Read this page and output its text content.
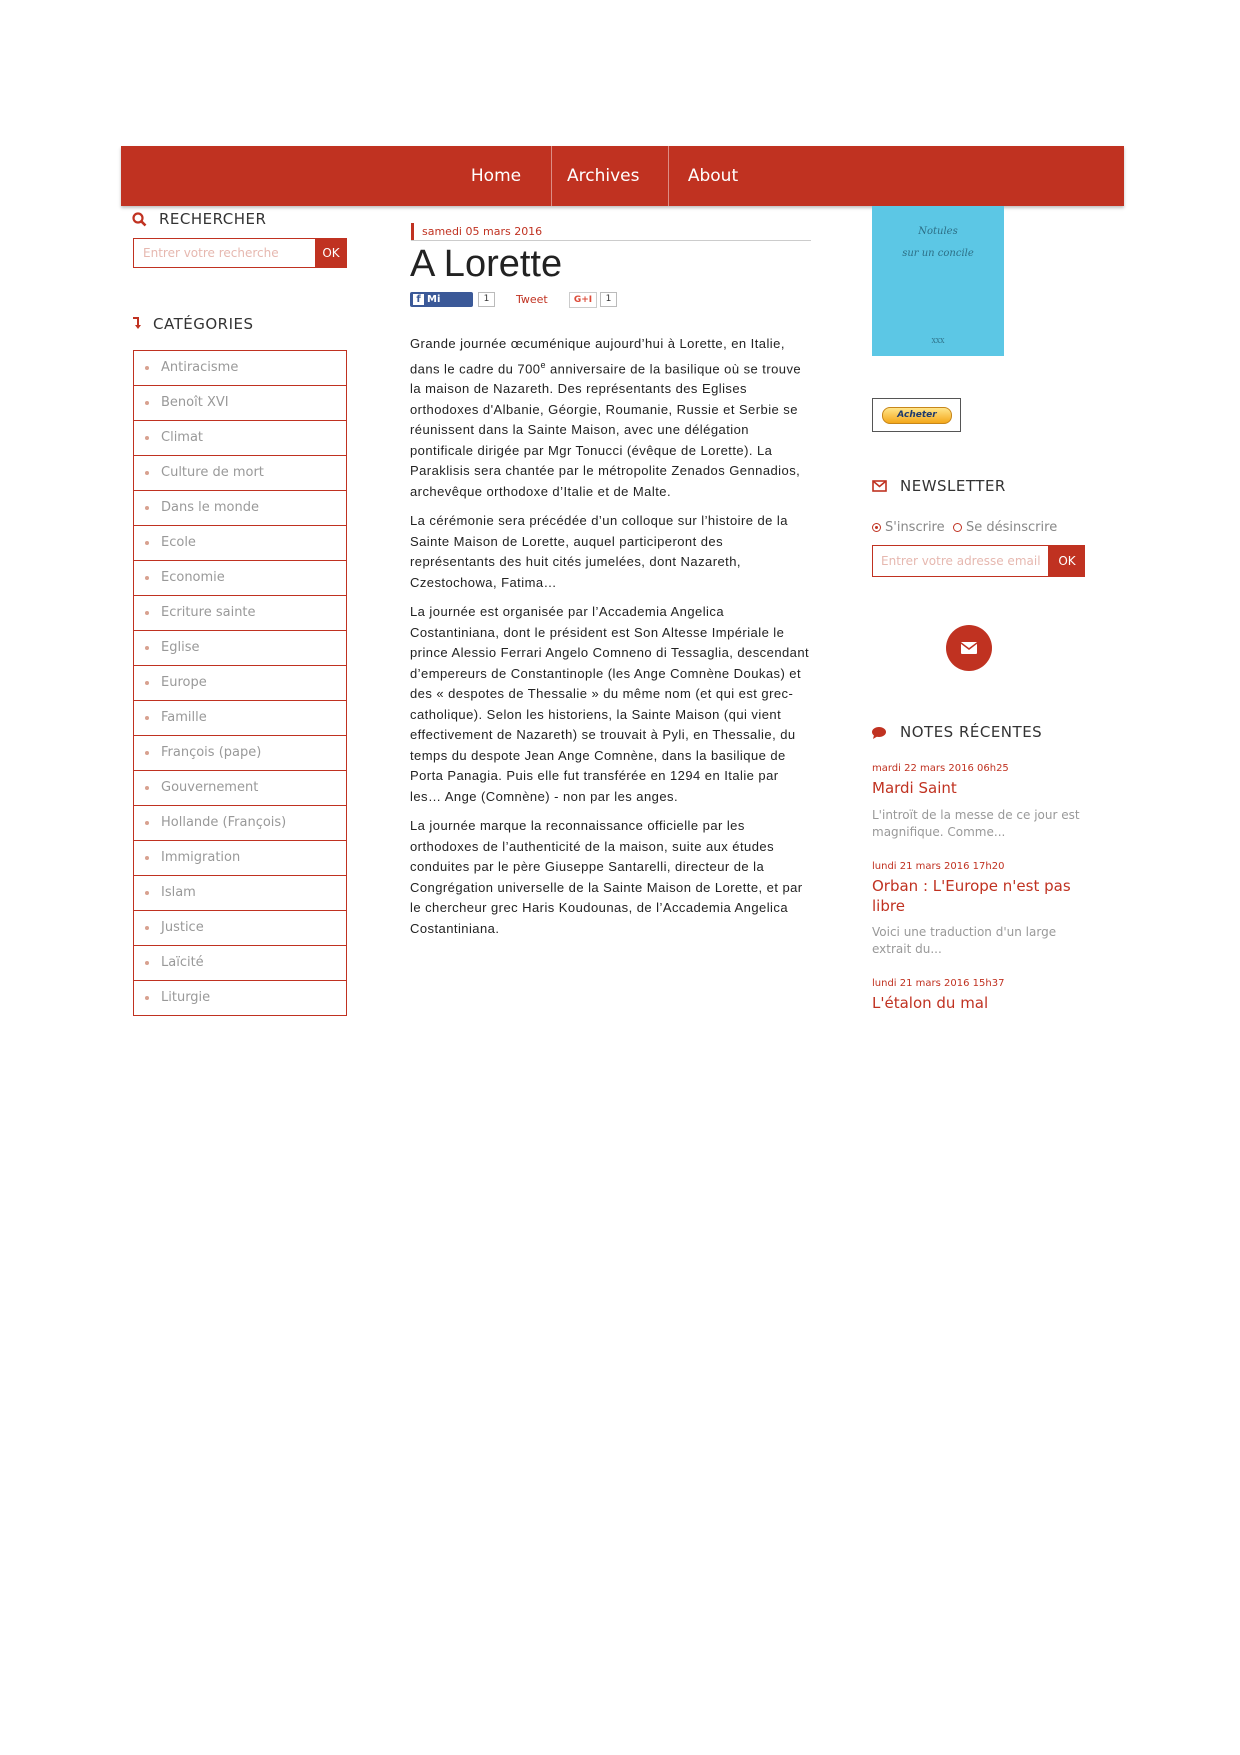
Home	Archives	About
RECHERCHER
Entrer votre recherche	OK
CATÉGORIES
Antiracisme
Benoît XVI
Climat
Culture de mort
Dans le monde
Ecole
Economie
Ecriture sainte
Eglise
Europe
Famille
François (pape)
Gouvernement
Hollande (François)
Immigration
Islam
Justice
Laïcité
Liturgie
samedi 05 mars 2016
A Lorette
f Mi piace
1	Tweet	G+I	1

Grande journée œcuménique aujourd’hui à Lorette, en Italie, dans le cadre du 700e anniversaire de la basilique où se trouve la maison de Nazareth. Des représentants des Eglises orthodoxes d'Albanie, Géorgie, Roumanie, Russie et Serbie se réunissent dans la Sainte Maison, avec une délégation pontificale dirigée par Mgr Tonucci (évêque de Lorette). La Paraklisis sera chantée par le métropolite Zenados Gennadios, archevêque orthodoxe d’Italie et de Malte.

La cérémonie sera précédée d’un colloque sur l’histoire de la Sainte Maison de Lorette, auquel participeront des représentants des huit cités jumelées, dont Nazareth, Czestochowa, Fatima…

La journée est organisée par l’Accademia Angelica Costantiniana, dont le président est Son Altesse Impériale le prince Alessio Ferrari Angelo Comneno di Tessaglia, descendant d’empereurs de Constantinople (les Ange Comnène Doukas) et des « despotes de Thessalie » du même nom (et qui est grec-catholique). Selon les historiens, la Sainte Maison (qui vient effectivement de Nazareth) se trouvait à Pyli, en Thessalie, du temps du despote Jean Ange Comnène, dans la basilique de Porta Panagia. Puis elle fut transférée en 1294 en Italie par les… Ange (Comnène) - non par les anges.

La journée marque la reconnaissance officielle par les orthodoxes de l’authenticité de la maison, suite aux études conduites par le père Giuseppe Santarelli, directeur de la Congrégation universelle de la Sainte Maison de Lorette, et par le chercheur grec Haris Koudounas, de l’Accademia Angelica Costantiniana.

Notules
sur un concile
XXX
Acheter
NEWSLETTER
S'inscrire	Se désinscrire
Entrer votre adresse email	OK
NOTES RÉCENTES
mardi 22 mars 2016 06h25
Mardi Saint
L'introït de la messe de ce jour est magnifique. Comme...
lundi 21 mars 2016 17h20
Orban : L'Europe n'est pas libre
Voici une traduction d'un large extrait du...
lundi 21 mars 2016 15h37
L'étalon du mal
